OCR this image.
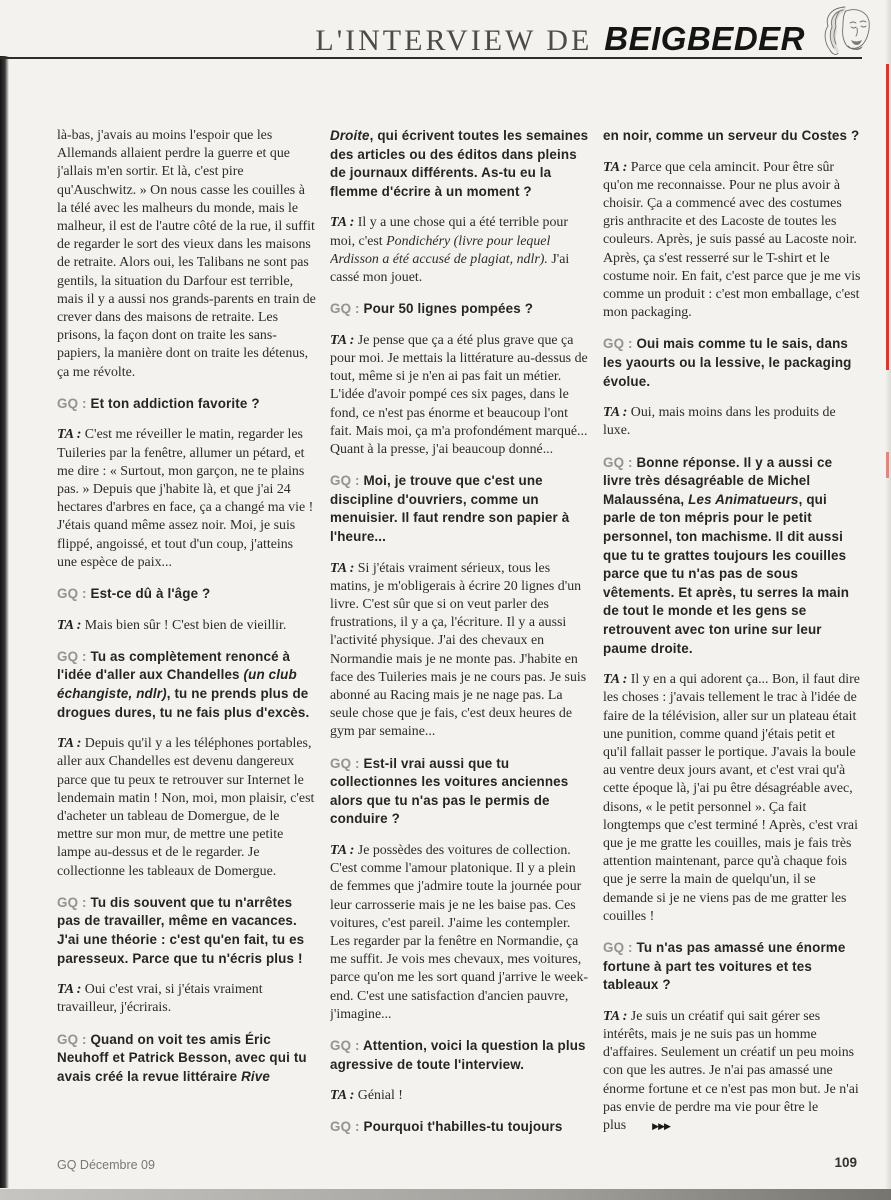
L'INTERVIEW DE BEIGBEDER

là-bas, j'avais au moins l'espoir que les Allemands allaient perdre la guerre et que j'allais m'en sortir. Et là, c'est pire qu'Auschwitz. » On nous casse les couilles à la télé avec les malheurs du monde, mais le malheur, il est de l'autre côté de la rue, il suffit de regarder le sort des vieux dans les maisons de retraite. Alors oui, les Talibans ne sont pas gentils, la situation du Darfour est terrible, mais il y a aussi nos grands-parents en train de crever dans des maisons de retraite. Les prisons, la façon dont on traite les sans-papiers, la manière dont on traite les détenus, ça me révolte.

GQ : Et ton addiction favorite ?

TA : C'est me réveiller le matin, regarder les Tuileries par la fenêtre, allumer un pétard, et me dire : « Surtout, mon garçon, ne te plains pas. » Depuis que j'habite là, et que j'ai 24 hectares d'arbres en face, ça a changé ma vie ! J'étais quand même assez noir. Moi, je suis flippé, angoissé, et tout d'un coup, j'atteins une espèce de paix...

GQ : Est-ce dû à l'âge ?

TA : Mais bien sûr ! C'est bien de vieillir.

GQ : Tu as complètement renoncé à l'idée d'aller aux Chandelles (un club échangiste, ndlr), tu ne prends plus de drogues dures, tu ne fais plus d'excès.

TA : Depuis qu'il y a les téléphones portables, aller aux Chandelles est devenu dangereux parce que tu peux te retrouver sur Internet le lendemain matin ! Non, moi, mon plaisir, c'est d'acheter un tableau de Domergue, de le mettre sur mon mur, de mettre une petite lampe au-dessus et de le regarder. Je collectionne les tableaux de Domergue.

GQ : Tu dis souvent que tu n'arrêtes pas de travailler, même en vacances. J'ai une théorie : c'est qu'en fait, tu es paresseux. Parce que tu n'écris plus !

TA : Oui c'est vrai, si j'étais vraiment travailleur, j'écrirais.

GQ : Quand on voit tes amis Éric Neuhoff et Patrick Besson, avec qui tu avais créé la revue littéraire Rive

Droite, qui écrivent toutes les semaines des articles ou des éditos dans pleins de journaux différents. As-tu eu la flemme d'écrire à un moment ?

TA : Il y a une chose qui a été terrible pour moi, c'est Pondichéry (livre pour lequel Ardisson a été accusé de plagiat, ndlr). J'ai cassé mon jouet.

GQ : Pour 50 lignes pompées ?

TA : Je pense que ça a été plus grave que ça pour moi. Je mettais la littérature au-dessus de tout, même si je n'en ai pas fait un métier. L'idée d'avoir pompé ces six pages, dans le fond, ce n'est pas énorme et beaucoup l'ont fait. Mais moi, ça m'a profondément marqué... Quant à la presse, j'ai beaucoup donné...

GQ : Moi, je trouve que c'est une discipline d'ouvriers, comme un menuisier. Il faut rendre son papier à l'heure...

TA : Si j'étais vraiment sérieux, tous les matins, je m'obligerais à écrire 20 lignes d'un livre. C'est sûr que si on veut parler des frustrations, il y a ça, l'écriture. Il y a aussi l'activité physique. J'ai des chevaux en Normandie mais je ne monte pas. J'habite en face des Tuileries mais je ne cours pas. Je suis abonné au Racing mais je ne nage pas. La seule chose que je fais, c'est deux heures de gym par semaine...

GQ : Est-il vrai aussi que tu collectionnes les voitures anciennes alors que tu n'as pas le permis de conduire ?

TA : Je possèdes des voitures de collection. C'est comme l'amour platonique. Il y a plein de femmes que j'admire toute la journée pour leur carrosserie mais je ne les baise pas. Ces voitures, c'est pareil. J'aime les contempler. Les regarder par la fenêtre en Normandie, ça me suffit. Je vois mes chevaux, mes voitures, parce qu'on me les sort quand j'arrive le week-end. C'est une satisfaction d'ancien pauvre, j'imagine...

GQ : Attention, voici la question la plus agressive de toute l'interview.

TA : Génial !

GQ : Pourquoi t'habilles-tu toujours

en noir, comme un serveur du Costes ?

TA : Parce que cela amincit. Pour être sûr qu'on me reconnaisse. Pour ne plus avoir à choisir. Ça a commencé avec des costumes gris anthracite et des Lacoste de toutes les couleurs. Après, je suis passé au Lacoste noir. Après, ça s'est resserré sur le T-shirt et le costume noir. En fait, c'est parce que je me vis comme un produit : c'est mon emballage, c'est mon packaging.

GQ : Oui mais comme tu le sais, dans les yaourts ou la lessive, le packaging évolue.

TA : Oui, mais moins dans les produits de luxe.

GQ : Bonne réponse. Il y a aussi ce livre très désagréable de Michel Malausséna, Les Animatueurs, qui parle de ton mépris pour le petit personnel, ton machisme. Il dit aussi que tu te grattes toujours les couilles parce que tu n'as pas de sous vêtements. Et après, tu serres la main de tout le monde et les gens se retrouvent avec ton urine sur leur paume droite.

TA : Il y en a qui adorent ça... Bon, il faut dire les choses : j'avais tellement le trac à l'idée de faire de la télévision, aller sur un plateau était une punition, comme quand j'étais petit et qu'il fallait passer le portique. J'avais la boule au ventre deux jours avant, et c'est vrai qu'à cette époque là, j'ai pu être désagréable avec, disons, « le petit personnel ». Ça fait longtemps que c'est terminé ! Après, c'est vrai que je me gratte les couilles, mais je fais très attention maintenant, parce qu'à chaque fois que je serre la main de quelqu'un, il se demande si je ne viens pas de me gratter les couilles !

GQ : Tu n'as pas amassé une énorme fortune à part tes voitures et tes tableaux ?

TA : Je suis un créatif qui sait gérer ses intérêts, mais je ne suis pas un homme d'affaires. Seulement un créatif un peu moins con que les autres. Je n'ai pas amassé une énorme fortune et ce n'est pas mon but. Je n'ai pas envie de perdre ma vie pour être le plus	▶▶▶

GQ Décembre 09	109
